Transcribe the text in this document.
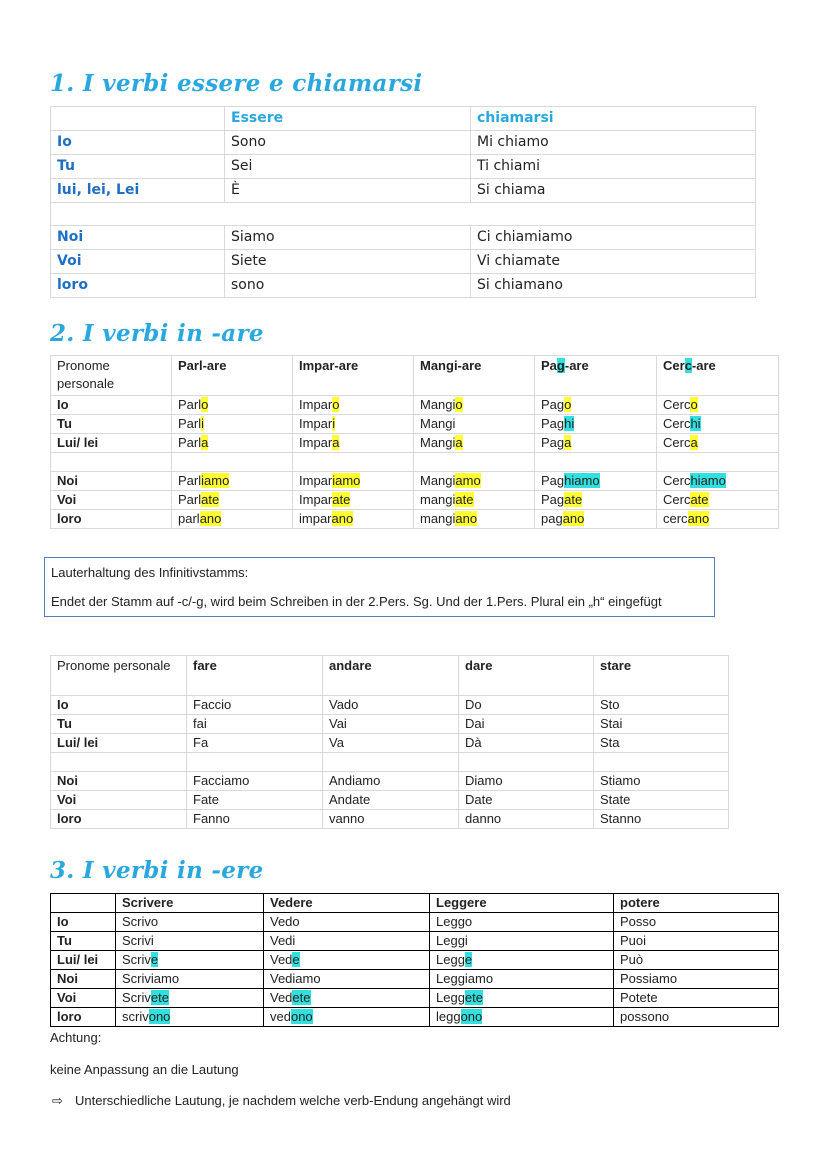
1. I verbi essere e chiamarsi
	Essere	chiamarsi
Io	Sono	Mi chiamo
Tu	Sei	Ti chiami
lui, lei, Lei	È	Si chiama

Noi	Siamo	Ci chiamiamo
Voi	Siete	Vi chiamate
loro	sono	Si chiamano
2. I verbi in -are
Pronome personale	Parl-are	Impar-are	Mangi-are	Pag-are	Cerc-are
Io	Parlo	Imparo	Mangio	Pago	Cerco
Tu	Parli	Impari	Mangi	Paghi	Cerchi
Lui/ lei	Parla	Impara	Mangia	Paga	Cerca

Noi	Parliamo	Impariamo	Mangiamo	Paghiamo	Cerchiamo
Voi	Parlate	Imparate	mangiate	Pagate	Cercate
loro	parlano	imparano	mangiano	pagano	cercano
Lauterhaltung des Infinitivstamms:
Endet der Stamm auf -c/-g, wird beim Schreiben in der 2.Pers. Sg. Und der 1.Pers. Plural ein „h“ eingefügt
Pronome personale	fare	andare	dare	stare
Io	Faccio	Vado	Do	Sto
Tu	fai	Vai	Dai	Stai
Lui/ lei	Fa	Va	Dà	Sta

Noi	Facciamo	Andiamo	Diamo	Stiamo
Voi	Fate	Andate	Date	State
loro	Fanno	vanno	danno	Stanno
3. I verbi in -ere
	Scrivere	Vedere	Leggere	potere
Io	Scrivo	Vedo	Leggo	Posso
Tu	Scrivi	Vedi	Leggi	Puoi
Lui/ lei	Scrive	Vede	Legge	Può
Noi	Scriviamo	Vediamo	Leggiamo	Possiamo
Voi	Scrivete	Vedete	Leggete	Potete
loro	scrivono	vedono	leggono	possono
Achtung:
keine Anpassung an die Lautung
⇨ Unterschiedliche Lautung, je nachdem welche verb-Endung angehängt wird
